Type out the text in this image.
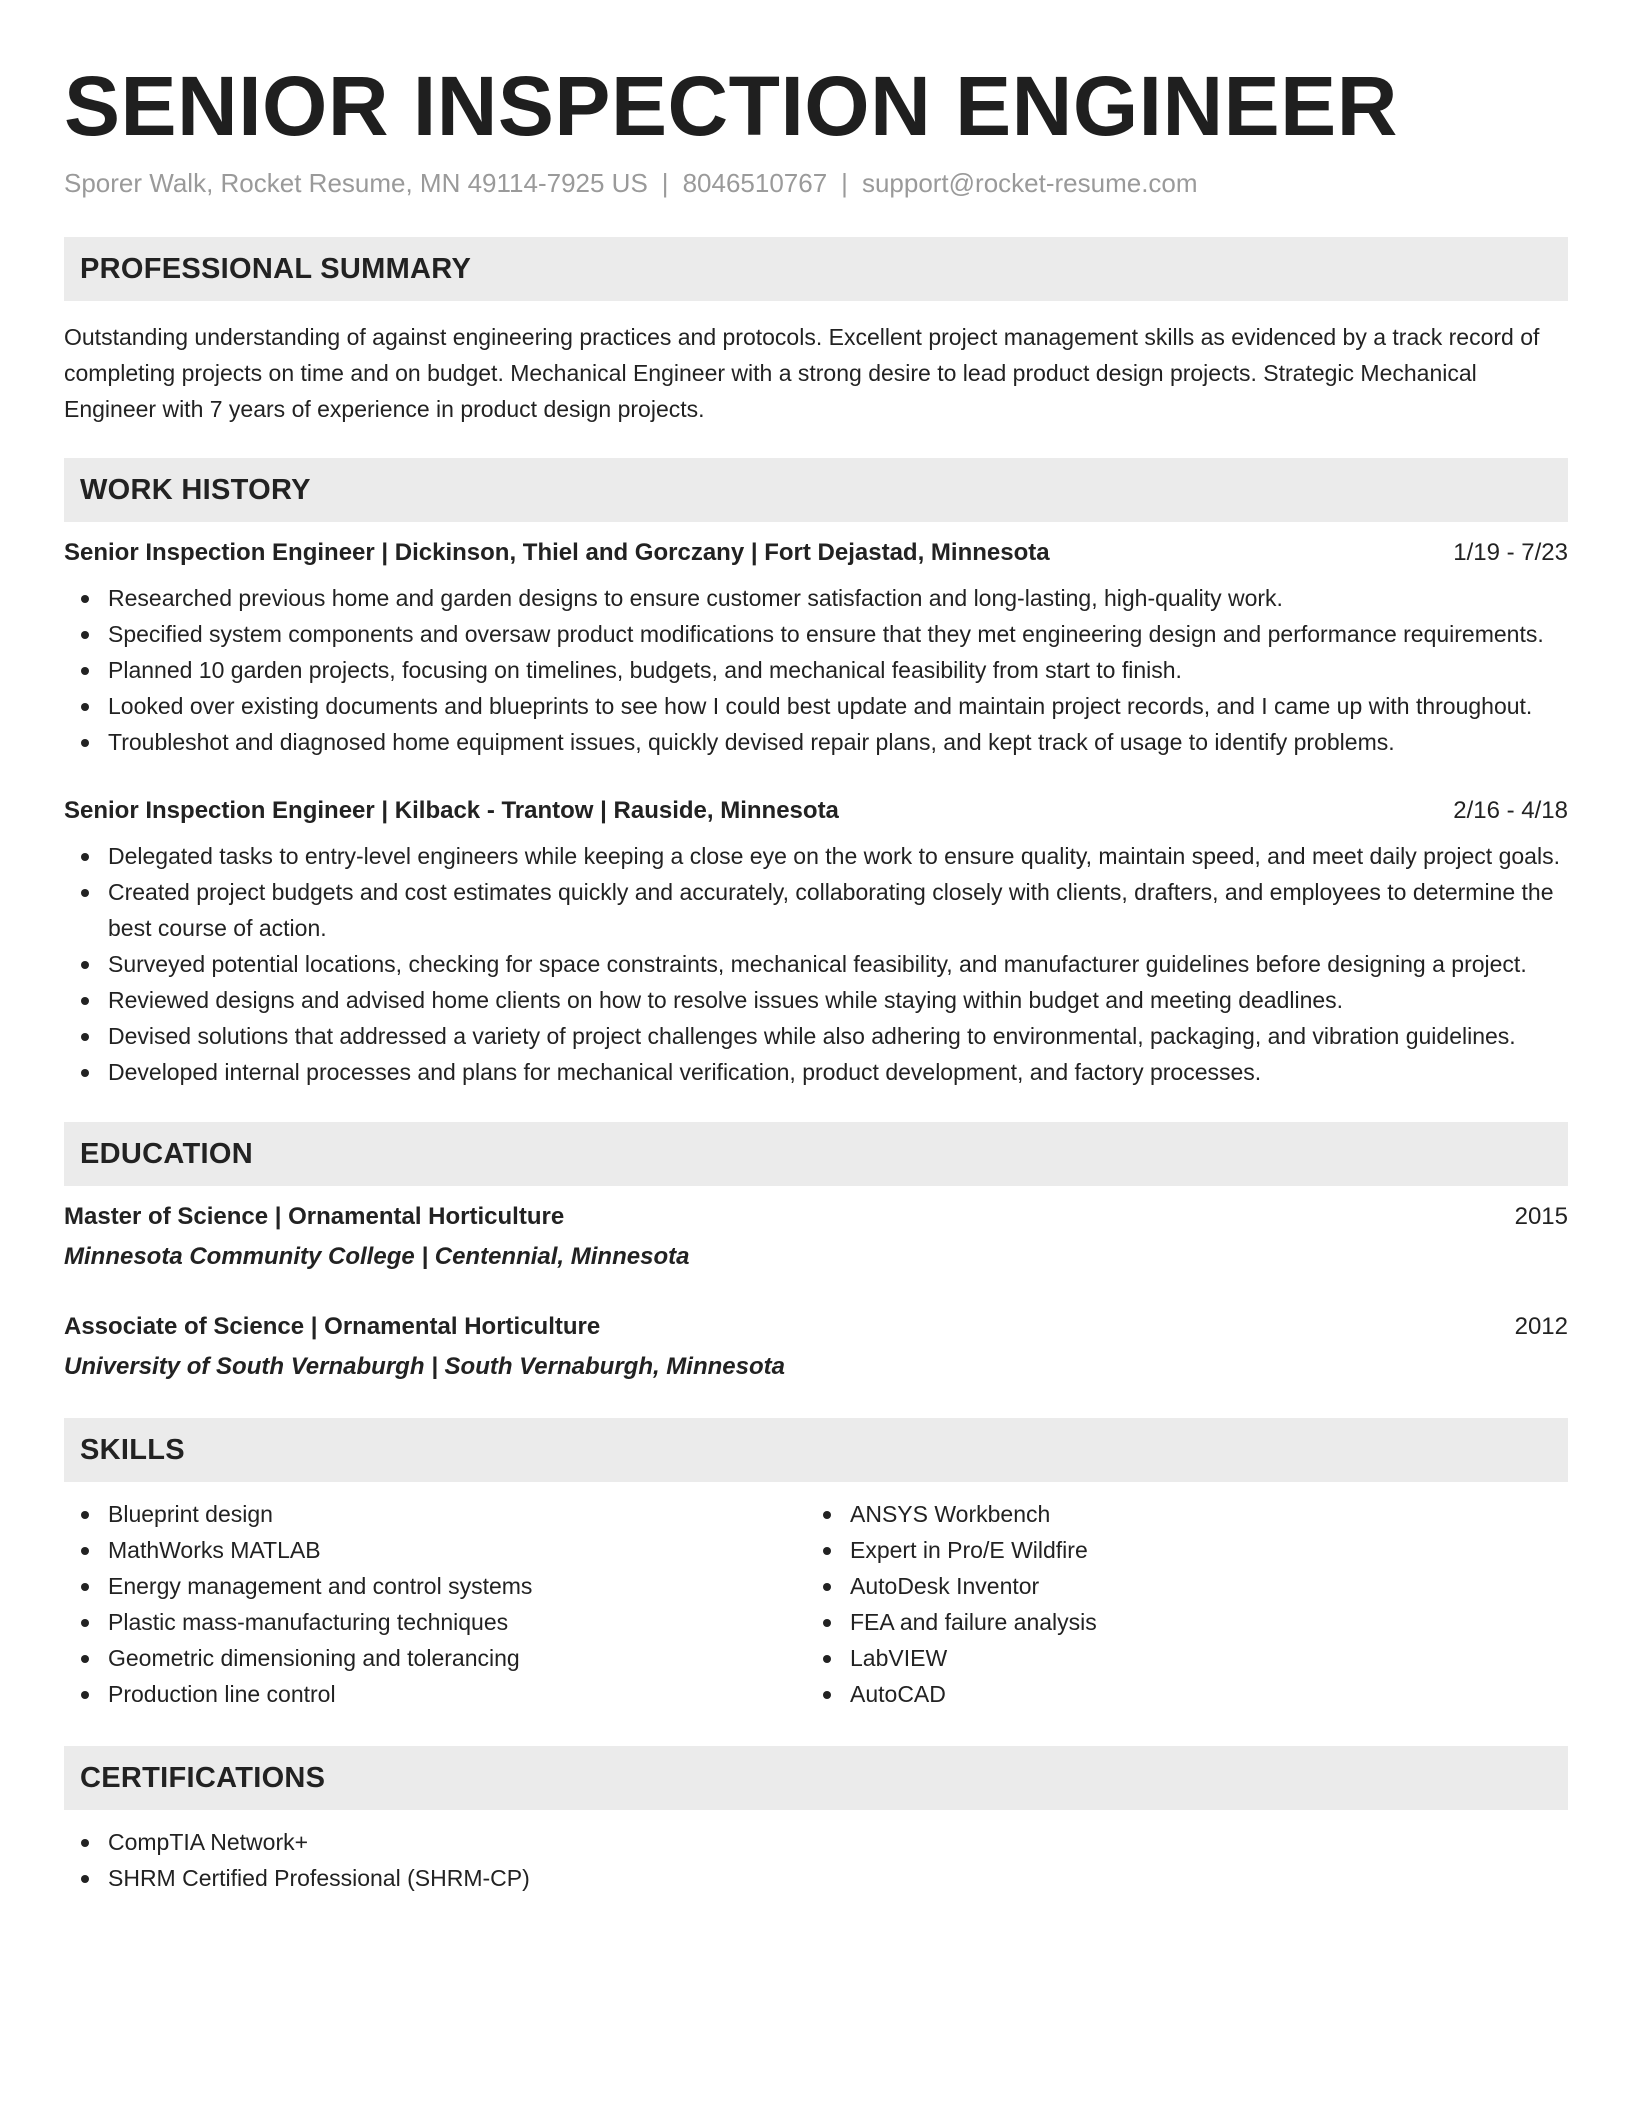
SENIOR INSPECTION ENGINEER
Sporer Walk, Rocket Resume, MN 49114-7925 US | 8046510767 | support@rocket-resume.com
PROFESSIONAL SUMMARY
Outstanding understanding of against engineering practices and protocols. Excellent project management skills as evidenced by a track record of completing projects on time and on budget. Mechanical Engineer with a strong desire to lead product design projects. Strategic Mechanical Engineer with 7 years of experience in product design projects.
WORK HISTORY
Senior Inspection Engineer | Dickinson, Thiel and Gorczany | Fort Dejastad, Minnesota	1/19 - 7/23
Researched previous home and garden designs to ensure customer satisfaction and long-lasting, high-quality work.
Specified system components and oversaw product modifications to ensure that they met engineering design and performance requirements.
Planned 10 garden projects, focusing on timelines, budgets, and mechanical feasibility from start to finish.
Looked over existing documents and blueprints to see how I could best update and maintain project records, and I came up with throughout.
Troubleshot and diagnosed home equipment issues, quickly devised repair plans, and kept track of usage to identify problems.
Senior Inspection Engineer | Kilback - Trantow | Rauside, Minnesota	2/16 - 4/18
Delegated tasks to entry-level engineers while keeping a close eye on the work to ensure quality, maintain speed, and meet daily project goals.
Created project budgets and cost estimates quickly and accurately, collaborating closely with clients, drafters, and employees to determine the best course of action.
Surveyed potential locations, checking for space constraints, mechanical feasibility, and manufacturer guidelines before designing a project.
Reviewed designs and advised home clients on how to resolve issues while staying within budget and meeting deadlines.
Devised solutions that addressed a variety of project challenges while also adhering to environmental, packaging, and vibration guidelines.
Developed internal processes and plans for mechanical verification, product development, and factory processes.
EDUCATION
Master of Science | Ornamental Horticulture	2015
Minnesota Community College | Centennial, Minnesota
Associate of Science | Ornamental Horticulture	2012
University of South Vernaburgh | South Vernaburgh, Minnesota
SKILLS
Blueprint design
MathWorks MATLAB
Energy management and control systems
Plastic mass-manufacturing techniques
Geometric dimensioning and tolerancing
Production line control
ANSYS Workbench
Expert in Pro/E Wildfire
AutoDesk Inventor
FEA and failure analysis
LabVIEW
AutoCAD
CERTIFICATIONS
CompTIA Network+
SHRM Certified Professional (SHRM-CP)
